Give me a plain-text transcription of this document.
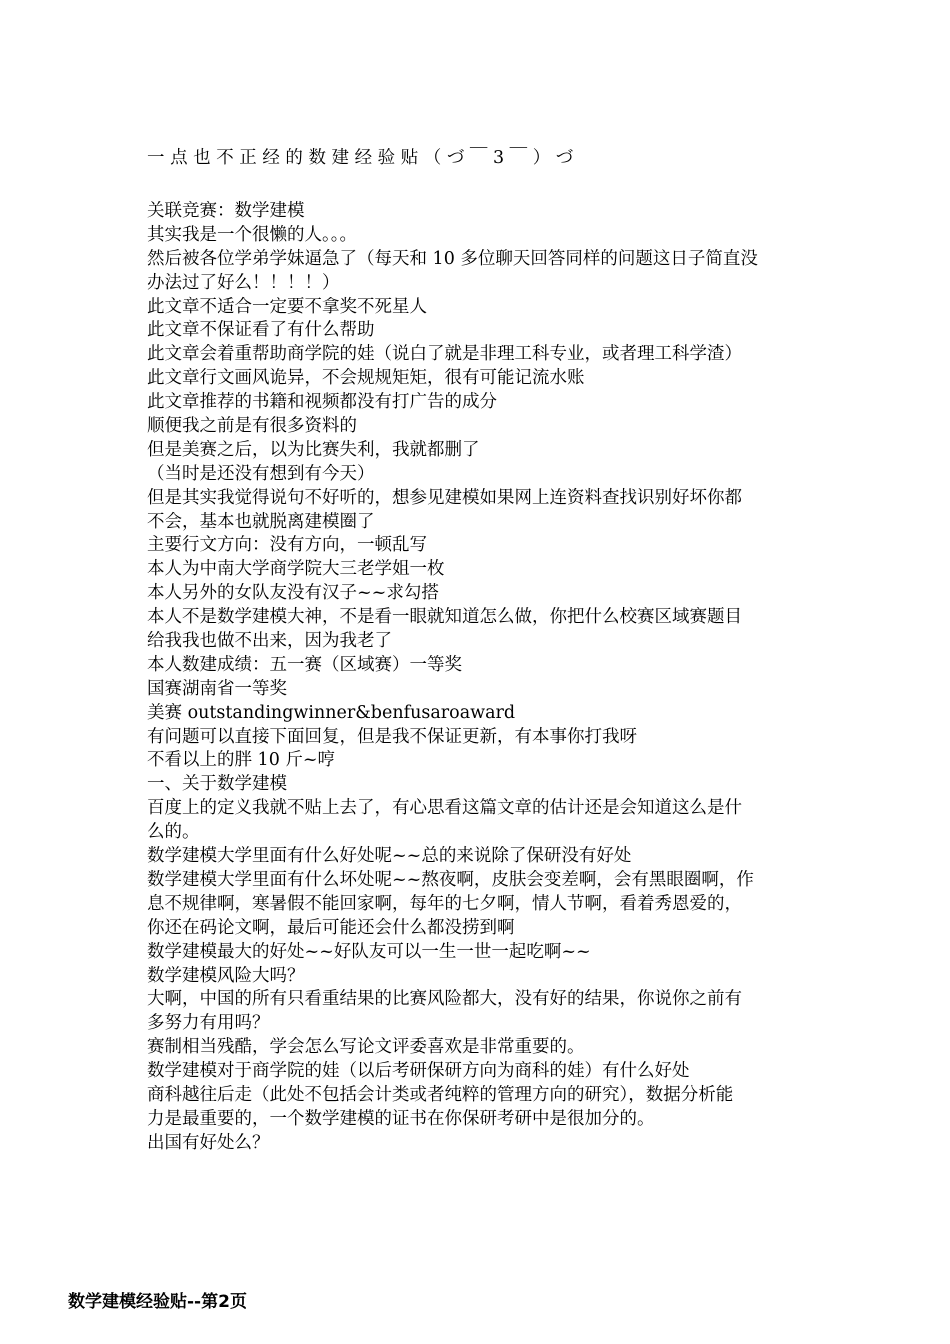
一 点 也 不 正 经 的 数 建 经 验 贴 （ づ ￣ 3 ￣ ） づ
关联竞赛：数学建模
其实我是一个很懒的人。。。
然后被各位学弟学妹逼急了（每天和 10 多位聊天回答同样的问题这日子简直没
办法过了好么！！！！）
此文章不适合一定要不拿奖不死星人
此文章不保证看了有什么帮助
此文章会着重帮助商学院的娃（说白了就是非理工科专业，或者理工科学渣）
此文章行文画风诡异，不会规规矩矩，很有可能记流水账
此文章推荐的书籍和视频都没有打广告的成分
顺便我之前是有很多资料的
但是美赛之后，以为比赛失利，我就都删了
（当时是还没有想到有今天）
但是其实我觉得说句不好听的，想参见建模如果网上连资料查找识别好坏你都
不会，基本也就脱离建模圈了
主要行文方向：没有方向，一顿乱写
本人为中南大学商学院大三老学姐一枚
本人另外的女队友没有汉子~~求勾搭
本人不是数学建模大神，不是看一眼就知道怎么做，你把什么校赛区域赛题目
给我我也做不出来，因为我老了
本人数建成绩：五一赛（区域赛）一等奖
国赛湖南省一等奖
美赛 outstandingwinner&benfusaroaward
有问题可以直接下面回复，但是我不保证更新，有本事你打我呀
不看以上的胖 10 斤~哼
一、关于数学建模
百度上的定义我就不贴上去了，有心思看这篇文章的估计还是会知道这么是什
么的。
数学建模大学里面有什么好处呢~~总的来说除了保研没有好处
数学建模大学里面有什么坏处呢~~熬夜啊，皮肤会变差啊，会有黑眼圈啊，作
息不规律啊，寒暑假不能回家啊，每年的七夕啊，情人节啊，看着秀恩爱的，
你还在码论文啊，最后可能还会什么都没捞到啊
数学建模最大的好处~~好队友可以一生一世一起吃啊~~
数学建模风险大吗？
大啊，中国的所有只看重结果的比赛风险都大，没有好的结果，你说你之前有
多努力有用吗？
赛制相当残酷，学会怎么写论文评委喜欢是非常重要的。
数学建模对于商学院的娃（以后考研保研方向为商科的娃）有什么好处
商科越往后走（此处不包括会计类或者纯粹的管理方向的研究），数据分析能
力是最重要的，一个数学建模的证书在你保研考研中是很加分的。
出国有好处么？
数学建模经验贴--第2页
